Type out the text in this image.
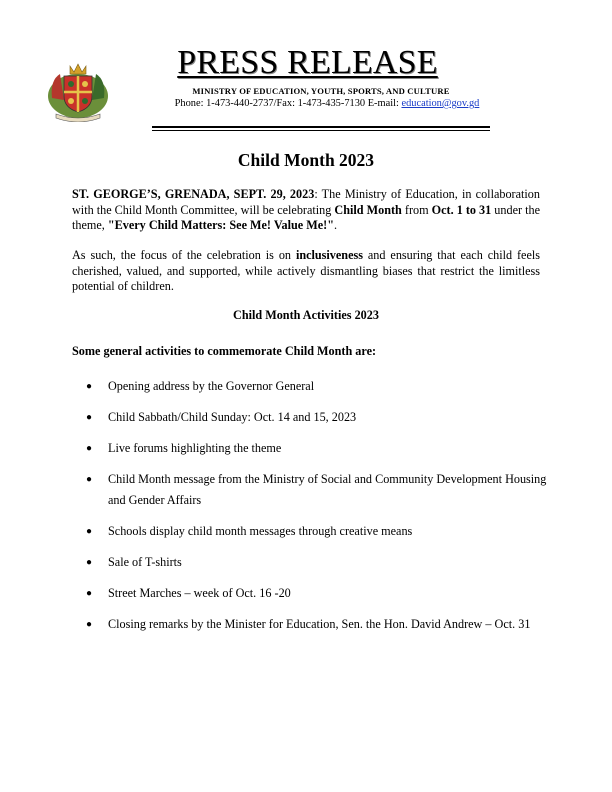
PRESS RELEASE
MINISTRY OF EDUCATION, YOUTH, SPORTS, AND CULTURE
Phone: 1-473-440-2737/Fax: 1-473-435-7130 E-mail: education@gov.gd
Child Month 2023

ST. GEORGE’S, GRENADA, SEPT. 29, 2023: The Ministry of Education, in collaboration with the Child Month Committee, will be celebrating Child Month from Oct. 1 to 31 under the theme, "Every Child Matters: See Me! Value Me!".

As such, the focus of the celebration is on inclusiveness and ensuring that each child feels cherished, valued, and supported, while actively dismantling biases that restrict the limitless potential of children.

Child Month Activities 2023
Some general activities to commemorate Child Month are:
● Opening address by the Governor General
● Child Sabbath/Child Sunday: Oct. 14 and 15, 2023
● Live forums highlighting the theme
● Child Month message from the Ministry of Social and Community Development Housing and Gender Affairs
● Schools display child month messages through creative means
● Sale of T-shirts
● Street Marches – week of Oct. 16 -20
● Closing remarks by the Minister for Education, Sen. the Hon. David Andrew – Oct. 31
